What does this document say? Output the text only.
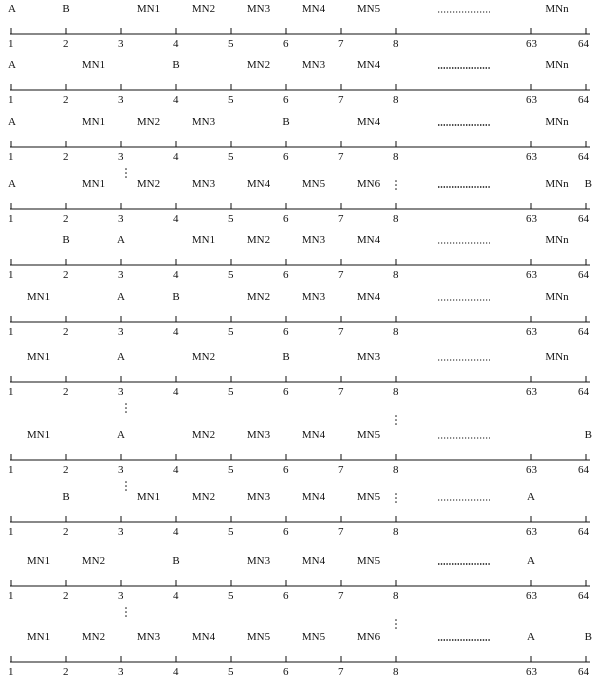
1	2	3	4	5	6	7	8	63	64
A	B	MN1	MN2	MN3	MN4	MN5	MNn
1	2	3	4	5	6	7	8	63	64
A	MN1	B	MN2	MN3	MN4	MNn
1	2	3	4	5	6	7	8	63	64
A	MN1	MN2	MN3	B	MN4	MNn
1	2	3	4	5	6	7	8	63	64
A	MN1	MN2	MN3	MN4	MN5	MN6	MNn B
1	2	3	4	5	6	7	8	63	64
B	A	MN1	MN2	MN3	MN4	MNn
1	2	3	4	5	6	7	8	63	64
MN1	A	B	MN2	MN3	MN4	MNn
1	2	3	4	5	6	7	8	63	64
MN1	A	MN2	B	MN3	MNn
1	2	3	4	5	6	7	8	63	64
MN1	A	MN2	MN3	MN4	MN5	B
1	2	3	4	5	6	7	8	63	64
B	MN1	MN2	MN3	MN4	MN5	A
1	2	3	4	5	6	7	8	63	64
MN1	MN2	B	MN3	MN4	MN5	A
1	2	3	4	5	6	7	8	63	64
MN1	MN2	MN3	MN4	MN5	MN5	MN6	A	B
